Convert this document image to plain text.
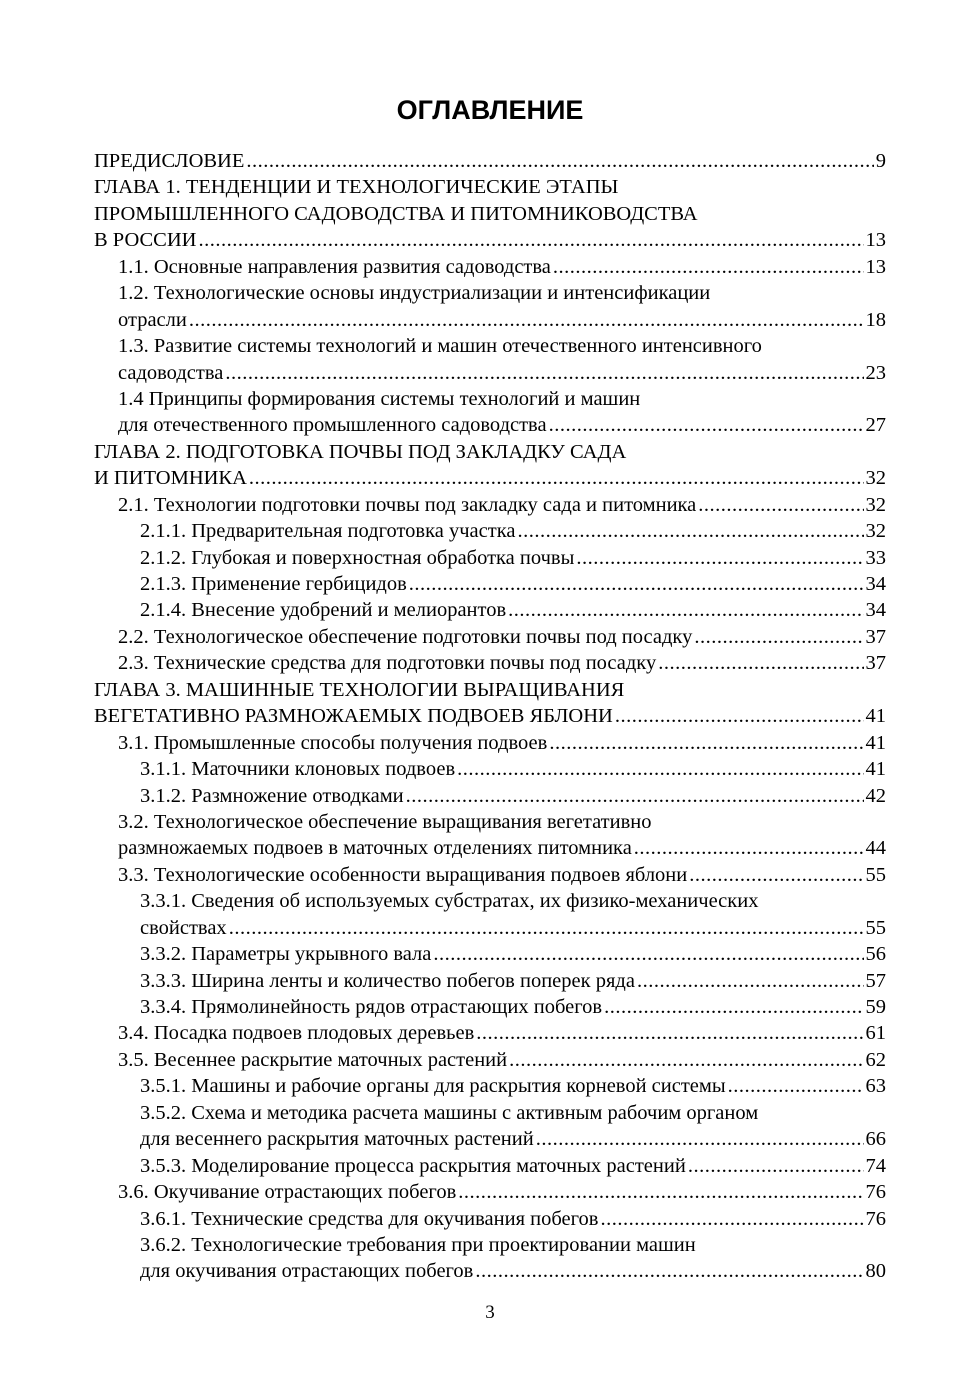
ОГЛАВЛЕНИЕ
ПРЕДИСЛОВИЕ .....	9
ГЛАВА 1. ТЕНДЕНЦИИ И ТЕХНОЛОГИЧЕСКИЕ ЭТАПЫ
ПРОМЫШЛЕННОГО САДОВОДСТВА И ПИТОМНИКОВОДСТВА
В РОССИИ .....	13
1.1. Основные направления развития садоводства .....	13
1.2. Технологические основы индустриализации и интенсификации
отрасли .....	18
1.3. Развитие системы технологий и машин отечественного интенсивного
садоводства .....	23
1.4 Принципы формирования системы технологий и машин
для отечественного промышленного садоводства .....	27
ГЛАВА 2. ПОДГОТОВКА ПОЧВЫ ПОД ЗАКЛАДКУ САДА
И ПИТОМНИКА .....	32
2.1. Технологии подготовки почвы под закладку сада и питомника .....	32
2.1.1. Предварительная подготовка участка .....	32
2.1.2. Глубокая и поверхностная обработка почвы .....	33
2.1.3. Применение гербицидов .....	34
2.1.4. Внесение удобрений и мелиорантов .....	34
2.2. Технологическое обеспечение подготовки почвы под посадку .....	37
2.3. Технические средства для подготовки почвы под посадку .....	37
ГЛАВА 3. МАШИННЫЕ ТЕХНОЛОГИИ ВЫРАЩИВАНИЯ
ВЕГЕТАТИВНО РАЗМНОЖАЕМЫХ ПОДВОЕВ ЯБЛОНИ .....	41
3.1. Промышленные способы получения подвоев .....	41
3.1.1. Маточники клоновых подвоев .....	41
3.1.2. Размножение отводками .....	42
3.2. Технологическое обеспечение выращивания вегетативно
размножаемых подвоев в маточных отделениях питомника .....	44
3.3. Технологические особенности выращивания подвоев яблони .....	55
3.3.1. Сведения об используемых субстратах, их физико-механических
свойствах .....	55
3.3.2. Параметры укрывного вала .....	56
3.3.3. Ширина ленты и количество побегов поперек ряда .....	57
3.3.4. Прямолинейность рядов отрастающих побегов .....	59
3.4. Посадка подвоев плодовых деревьев .....	61
3.5. Весеннее раскрытие маточных растений .....	62
3.5.1. Машины и рабочие органы для раскрытия корневой системы .....	63
3.5.2. Схема и методика расчета машины с активным рабочим органом
для весеннего раскрытия маточных растений .....	66
3.5.3. Моделирование процесса раскрытия маточных растений .....	74
3.6. Окучивание отрастающих побегов .....	76
3.6.1. Технические средства для окучивания побегов .....	76
3.6.2. Технологические требования при проектировании машин
для окучивания отрастающих побегов .....	80
3
